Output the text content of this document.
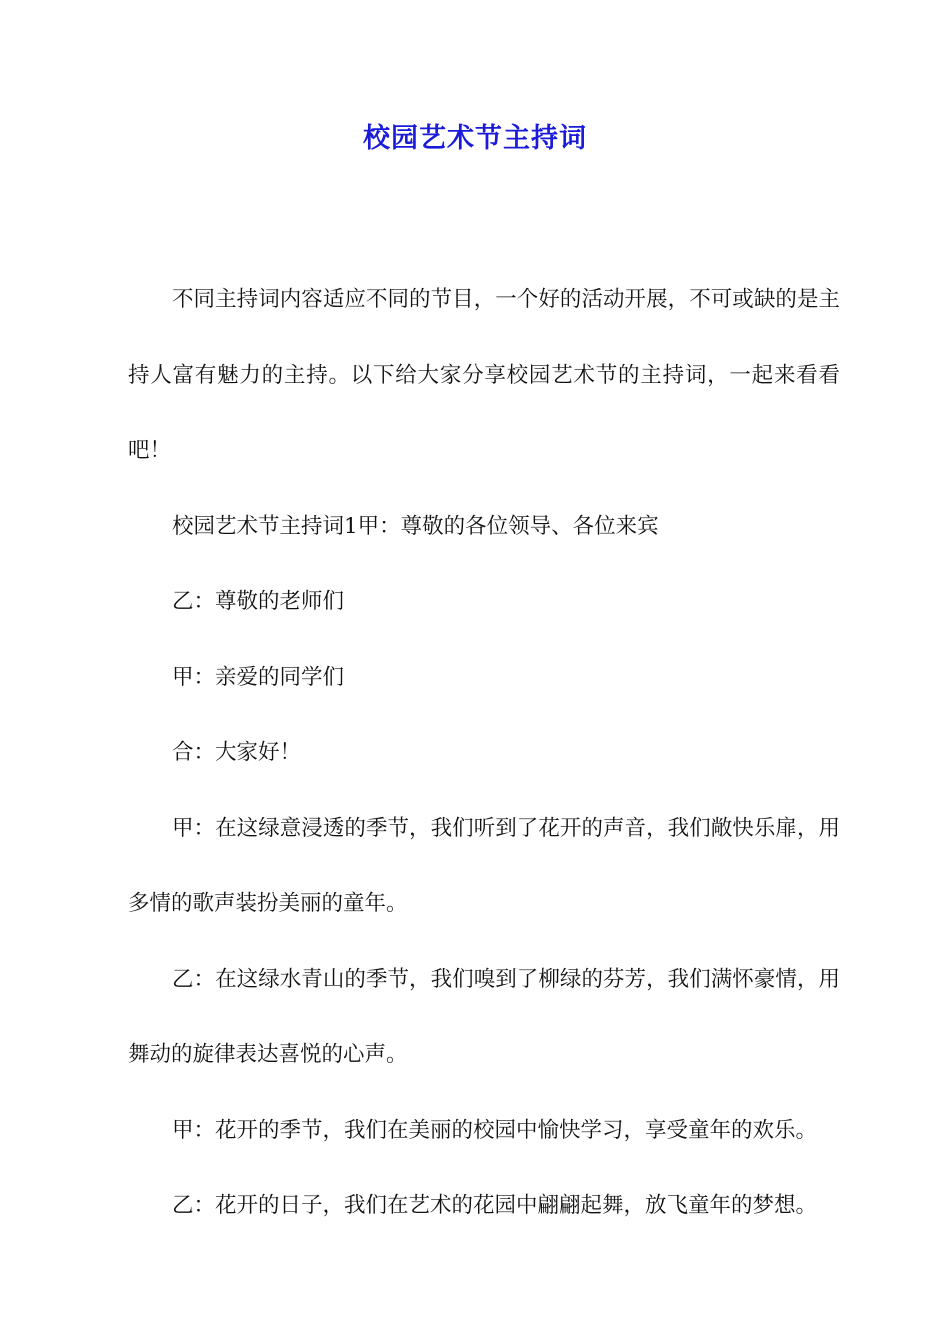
校园艺术节主持词

不同主持词内容适应不同的节目，一个好的活动开展，不可或缺的是主持人富有魅力的主持。以下给大家分享校园艺术节的主持词，一起来看看吧！

校园艺术节主持词1甲：尊敬的各位领导、各位来宾

乙：尊敬的老师们

甲：亲爱的同学们

合：大家好！

甲：在这绿意浸透的季节，我们听到了花开的声音，我们敞快乐扉，用多情的歌声装扮美丽的童年。

乙：在这绿水青山的季节，我们嗅到了柳绿的芬芳，我们满怀豪情，用舞动的旋律表达喜悦的心声。

甲：花开的季节，我们在美丽的校园中愉快学习，享受童年的欢乐。

乙：花开的日子，我们在艺术的花园中翩翩起舞，放飞童年的梦想。
